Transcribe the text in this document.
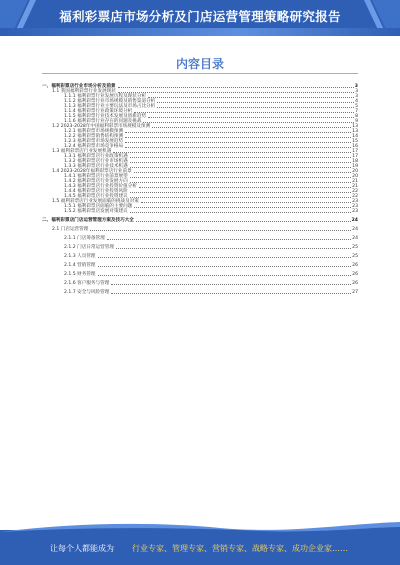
福利彩票店市场分析及门店运营管理策略研究报告
内容目录
一、福利彩票店行业市场分析及前景	3
1.1 我国福利彩票行业发展现状	3
1.1.1 福利彩票行业发展历程及现状分析	3
1.1.2 福利彩票行业市场规模及销售渠道分析	4
1.1.3 福利彩票行业主要玩法及市场占比分析	5
1.1.4 福利彩票行业政策环境分析	7
1.1.5 福利彩票行业技术发展及创新趋势	8
1.1.6 福利彩票行业存在的问题及挑战	9
1.2 2023-2028年中国福利彩票市场规模及预测	13
1.2.1 福利彩票市场规模预测	13
1.2.2 福利彩票销售结构预测	14
1.2.3 福利彩票市场发展趋势	15
1.2.4 福利彩票市场竞争格局	16
1.3 福利彩票店行业发展机遇	17
1.3.1 福利彩票店行业政策机遇	17
1.3.2 福利彩票店行业市场机遇	18
1.3.3 福利彩票店行业技术机遇	19
1.4 2023-2028年福利彩票店行业前景	20
1.4.1 福利彩票店行业前景展望	20
1.4.2 福利彩票店行业发展方向	21
1.4.3 福利彩票店行业投资价值分析	21
1.4.4 福利彩票店行业投资风险	22
1.4.5 福利彩票店行业投资建议	22
1.5 福利彩票店行业发展面临的挑战及对策	23
1.5.1 福利彩票店面临的主要问题	23
1.5.2 福利彩票店发展对策建议	23
二、福利彩票店门店运营管理方案及技巧大全	24
2.1 门店运营管理	24
2.1.1 门店筹备管理	24
2.1.2 门店日常运营管理	25
2.1.3 人员管理	25
2.1.4 营销管理	26
2.1.5 财务管理	26
2.1.6 客户服务与管理	26
2.1.7 安全与风险管理	27
让每个人都能成为 行业专家、管理专家、营销专家、战略专家、成功企业家……
